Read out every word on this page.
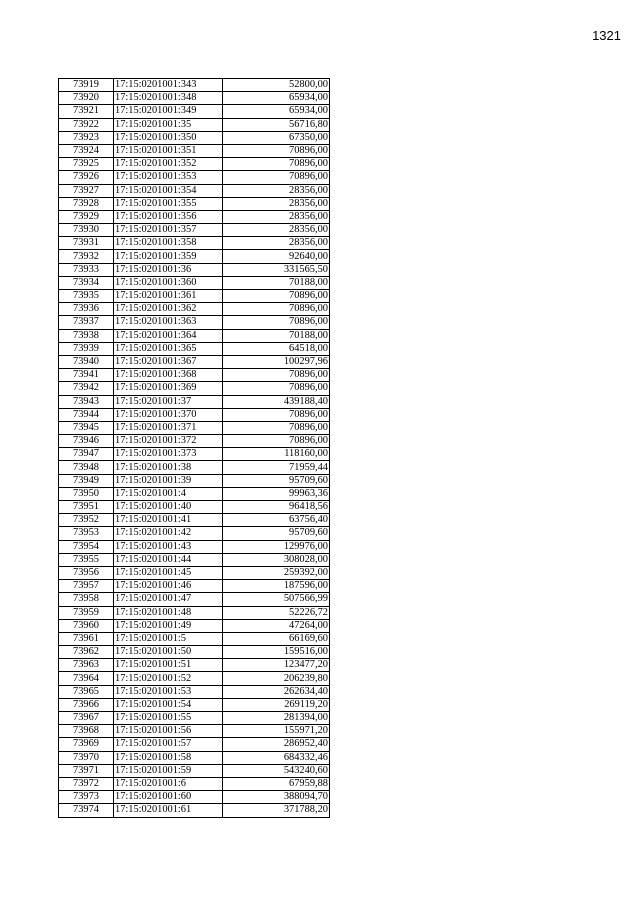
1321
73919	17:15:0201001:343	52800,00
73920	17:15:0201001:348	65934,00
73921	17:15:0201001:349	65934,00
73922	17:15:0201001:35	56716,80
73923	17:15:0201001:350	67350,00
73924	17:15:0201001:351	70896,00
73925	17:15:0201001:352	70896,00
73926	17:15:0201001:353	70896,00
73927	17:15:0201001:354	28356,00
73928	17:15:0201001:355	28356,00
73929	17:15:0201001:356	28356,00
73930	17:15:0201001:357	28356,00
73931	17:15:0201001:358	28356,00
73932	17:15:0201001:359	92640,00
73933	17:15:0201001:36	331565,50
73934	17:15:0201001:360	70188,00
73935	17:15:0201001:361	70896,00
73936	17:15:0201001:362	70896,00
73937	17:15:0201001:363	70896,00
73938	17:15:0201001:364	70188,00
73939	17:15:0201001:365	64518,00
73940	17:15:0201001:367	100297,96
73941	17:15:0201001:368	70896,00
73942	17:15:0201001:369	70896,00
73943	17:15:0201001:37	439188,40
73944	17:15:0201001:370	70896,00
73945	17:15:0201001:371	70896,00
73946	17:15:0201001:372	70896,00
73947	17:15:0201001:373	118160,00
73948	17:15:0201001:38	71959,44
73949	17:15:0201001:39	95709,60
73950	17:15:0201001:4	99963,36
73951	17:15:0201001:40	96418,56
73952	17:15:0201001:41	63756,40
73953	17:15:0201001:42	95709,60
73954	17:15:0201001:43	129976,00
73955	17:15:0201001:44	308028,00
73956	17:15:0201001:45	259392,00
73957	17:15:0201001:46	187596,00
73958	17:15:0201001:47	507566,99
73959	17:15:0201001:48	52226,72
73960	17:15:0201001:49	47264,00
73961	17:15:0201001:5	66169,60
73962	17:15:0201001:50	159516,00
73963	17:15:0201001:51	123477,20
73964	17:15:0201001:52	206239,80
73965	17:15:0201001:53	262634,40
73966	17:15:0201001:54	269119,20
73967	17:15:0201001:55	281394,00
73968	17:15:0201001:56	155971,20
73969	17:15:0201001:57	286952,40
73970	17:15:0201001:58	684332,46
73971	17:15:0201001:59	543240,60
73972	17:15:0201001:6	67959,88
73973	17:15:0201001:60	388094,70
73974	17:15:0201001:61	371788,20
